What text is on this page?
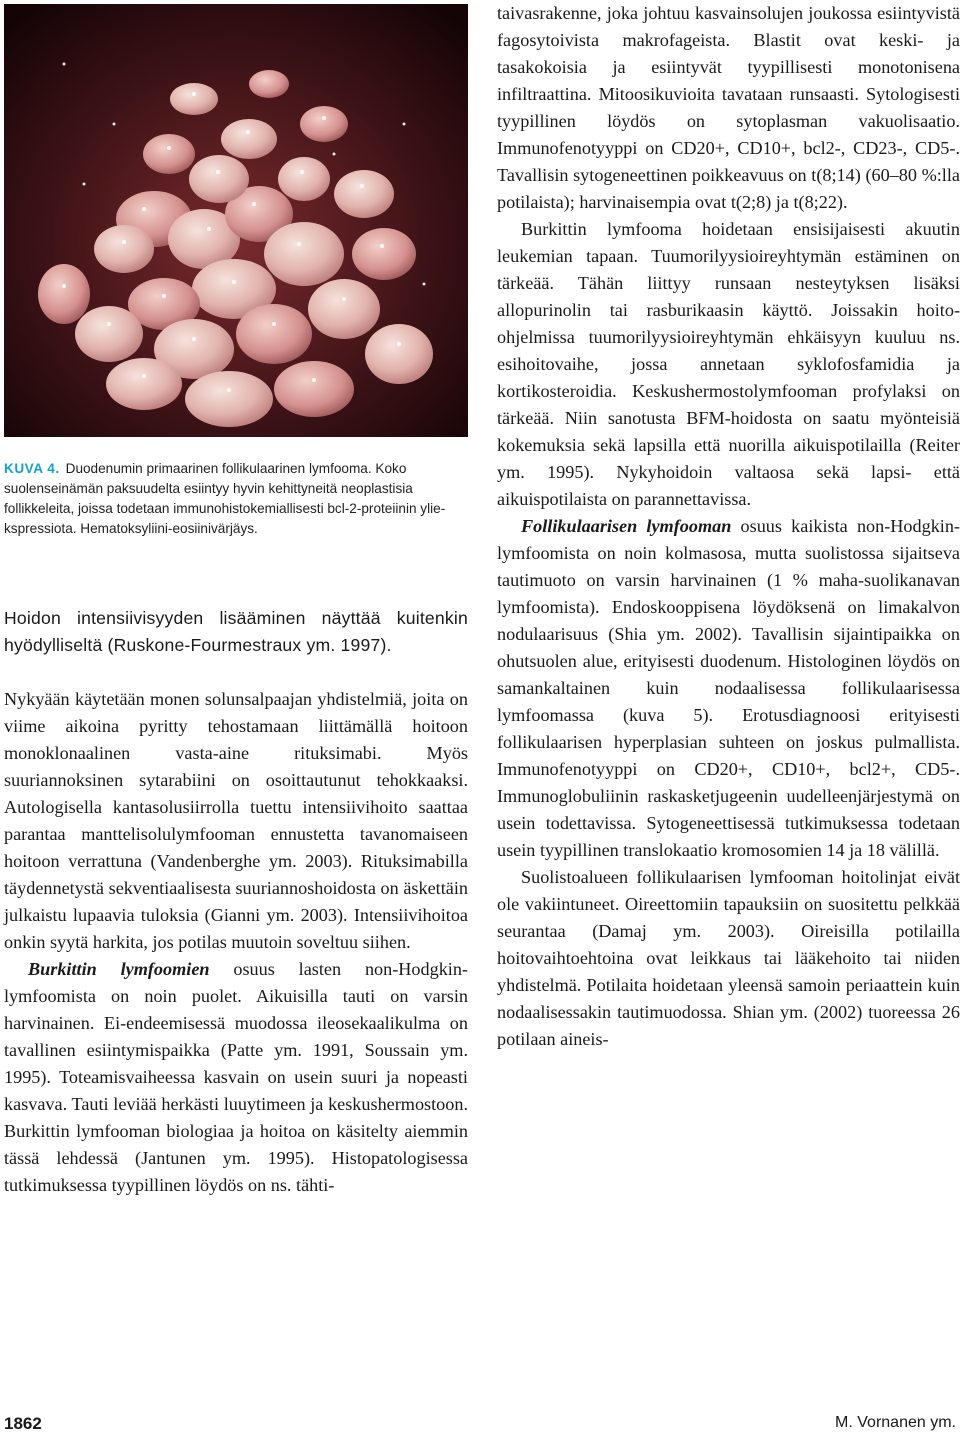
KUVA 4. Duodenumin primaarinen follikulaarinen lymfooma. Koko suolenseinämän paksuudelta esiintyy hyvin kehittyneitä neoplastisia follikkeleita, joissa todetaan immunohistokemiallisesti bcl-2-proteiinin yliekspressiota. Hematoksyliini-eosiinivärjäys.

Hoidon intensiivisyyden lisääminen näyttää kuitenkin hyödylliseltä (Ruskone-Fourmestraux ym. 1997).

Nykyään käytetään monen solunsalpaajan yhdistelmiä, joita on viime aikoina pyritty tehostamaan liittämällä hoitoon monoklonaalinen vasta-aine rituksimabi. Myös suuriannoksinen sytarabiini on osoittautunut tehokkaaksi. Autologisella kantasolusiirrolla tuettu intensiivihoito saattaa parantaa manttelisolulymfooman ennustetta tavanomaiseen hoitoon verrattuna (Vandenberghe ym. 2003). Rituksimabilla täydennetystä sekventiaalisesta suuriannoshoidosta on äskettäin julkaistu lupaavia tuloksia (Gianni ym. 2003). Intensiivihoitoa onkin syytä harkita, jos potilas muutoin soveltuu siihen.

Burkittin lymfoomien osuus lasten non-Hodgkin-lymfoomista on noin puolet. Aikuisilla tauti on varsin harvinainen. Ei-endeemisessä muodossa ileosekaalikulma on tavallinen esiintymispaikka (Patte ym. 1991, Soussain ym. 1995). Toteamisvaiheessa kasvain on usein suuri ja nopeasti kasvava. Tauti leviää herkästi luuytimeen ja keskushermostoon. Burkittin lymfooman biologiaa ja hoitoa on käsitelty aiemmin tässä lehdessä (Jantunen ym. 1995). Histopatologisessa tutkimuksessa tyypillinen löydös on ns. tähti-

taivasrakenne, joka johtuu kasvainsolujen joukossa esiintyvistä fagosytoivista makrofageista. Blastit ovat keski- ja tasakokoisia ja esiintyvät tyypillisesti monotonisena infiltraattina. Mitoosikuvioita tavataan runsaasti. Sytologisesti tyypillinen löydös on sytoplasman vakuolisaatio. Immunofenotyyppi on CD20+, CD10+, bcl2-, CD23-, CD5-. Tavallisin sytogeneettinen poikkeavuus on t(8;14) (60–80 %:lla potilaista); harvinaisempia ovat t(2;8) ja t(8;22).

Burkittin lymfooma hoidetaan ensisijaisesti akuutin leukemian tapaan. Tuumorilyysioireyhtymän estäminen on tärkeää. Tähän liittyy runsaan nesteytyksen lisäksi allopurinolin tai rasburikaasin käyttö. Joissakin hoito-ohjelmissa tuumorilyysioireyhtymän ehkäisyyn kuuluu ns. esihoitovaihe, jossa annetaan syklofosfamidia ja kortikosteroidia. Keskushermostolymfooman profylaksi on tärkeää. Niin sanotusta BFM-hoidosta on saatu myönteisiä kokemuksia sekä lapsilla että nuorilla aikuispotilailla (Reiter ym. 1995). Nykyhoidoin valtaosa sekä lapsi- että aikuispotilaista on parannettavissa.

Follikulaarisen lymfooman osuus kaikista non-Hodgkin-lymfoomista on noin kolmasosa, mutta suolistossa sijaitseva tautimuoto on varsin harvinainen (1 % maha-suolikanavan lymfoomista). Endoskooppisena löydöksenä on limakalvon nodulaarisuus (Shia ym. 2002). Tavallisin sijaintipaikka on ohutsuolen alue, erityisesti duodenum. Histologinen löydös on samankaltainen kuin nodaalisessa follikulaarisessa lymfoomassa (kuva 5). Erotusdiagnoosi erityisesti follikulaarisen hyperplasian suhteen on joskus pulmallista. Immunofenotyyppi on CD20+, CD10+, bcl2+, CD5-. Immunoglobuliinin raskasketjugeenin uudelleenjärjestymä on usein todettavissa. Sytogeneettisessä tutkimuksessa todetaan usein tyypillinen translokaatio kromosomien 14 ja 18 välillä.

Suolistoalueen follikulaarisen lymfooman hoitolinjat eivät ole vakiintuneet. Oireettomiin tapauksiin on suositettu pelkkää seurantaa (Damaj ym. 2003). Oireisilla potilailla hoitovaihtoehtoina ovat leikkaus tai lääkehoito tai niiden yhdistelmä. Potilaita hoidetaan yleensä samoin periaattein kuin nodaalisessakin tautimuodossa. Shian ym. (2002) tuoreessa 26 potilaan aineis-

1862	M. Vornanen ym.
